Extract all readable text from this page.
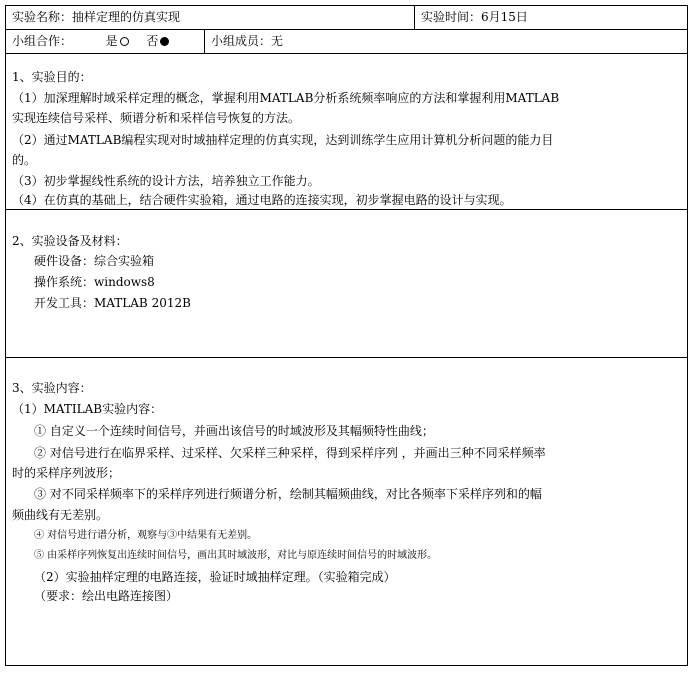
实验名称：抽样定理的仿真实现	实验时间：6月15日
小组合作：	是 否	小组成员：无
1、实验目的：
（1）加深理解时域采样定理的概念，掌握利用MATLAB分析系统频率响应的方法和掌握利用MATLAB
实现连续信号采样、频谱分析和采样信号恢复的方法。
（2）通过MATLAB编程实现对时域抽样定理的仿真实现，达到训练学生应用计算机分析问题的能力目
的。
（3）初步掌握线性系统的设计方法，培养独立工作能力。
（4）在仿真的基础上，结合硬件实验箱，通过电路的连接实现，初步掌握电路的设计与实现。
2、实验设备及材料：
硬件设备：综合实验箱
操作系统：windows8
开发工具：MATLAB 2012B
3、实验内容：
（1）MATILAB实验内容：
① 自定义一个连续时间信号，并画出该信号的时域波形及其幅频特性曲线；
② 对信号进行在临界采样、过采样、欠采样三种采样，得到采样序列 ，并画出三种不同采样频率
时的采样序列波形；
③ 对不同采样频率下的采样序列进行频谱分析，绘制其幅频曲线，对比各频率下采样序列和的幅
频曲线有无差别。
④ 对信号进行谱分析，观察与③中结果有无差别。
⑤ 由采样序列恢复出连续时间信号，画出其时域波形，对比与原连续时间信号的时域波形。
（2）实验抽样定理的电路连接，验证时域抽样定理。（实验箱完成）
（要求：绘出电路连接图）
